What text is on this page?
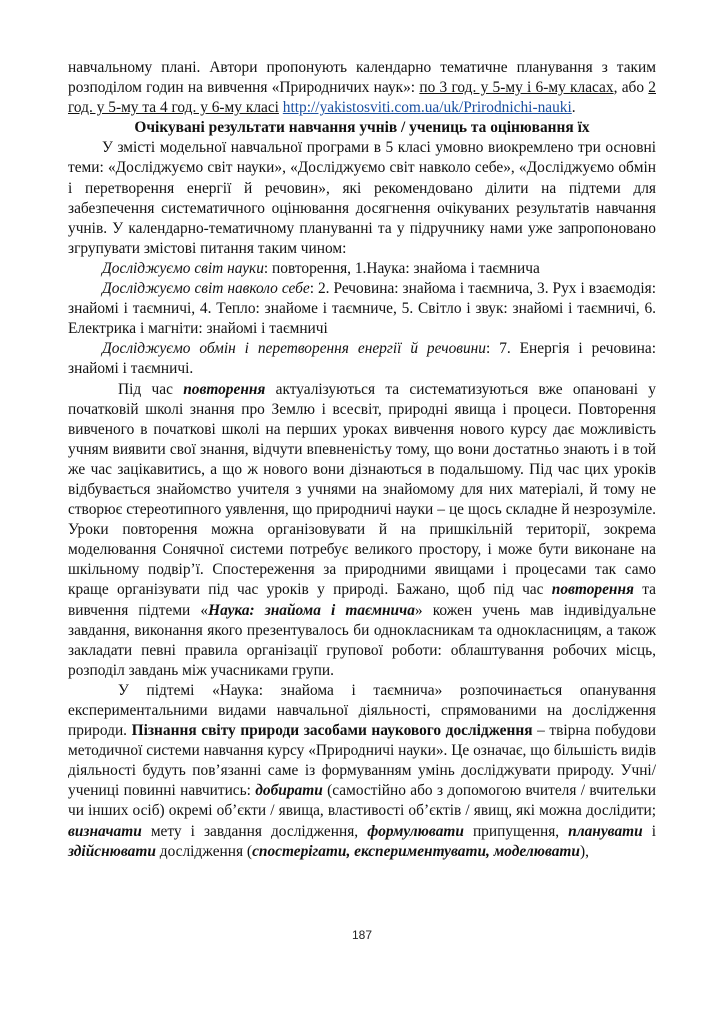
навчальному плані. Автори пропонують календарно тематичне планування з таким розподілом годин на вивчення «Природничих наук»: по 3 год. у 5-му і 6-му класах, або 2 год. у 5-му та 4 год. у 6-му класі http://yakistosviti.com.ua/uk/Prirodnichi-nauki.

Очікувані результати навчання учнів / учениць та оцінювання їх

У змісті модельної навчальної програми в 5 класі умовно виокремлено три основні теми: «Досліджуємо світ науки», «Досліджуємо світ навколо себе», «Досліджуємо обмін і перетворення енергії й речовин», які рекомендовано ділити на підтеми для забезпечення систематичного оцінювання досягнення очікуваних результатів навчання учнів. У календарно-тематичному плануванні та у підручнику нами уже запропоновано згрупувати змістові питання таким чином:

Досліджуємо світ науки: повторення, 1.Наука: знайома і таємнича

Досліджуємо світ навколо себе: 2. Речовина: знайома і таємнича, 3. Рух і взаємодія: знайомі і таємничі, 4. Тепло: знайоме і таємниче, 5. Світло і звук: знайомі і таємничі, 6. Електрика і магніти: знайомі і таємничі

Досліджуємо обмін і перетворення енергії й речовини: 7. Енергія і речовина: знайомі і таємничі.

Під час повторення актуалізуються та систематизуються вже опановані у початковій школі знання про Землю і всесвіт, природні явища і процеси. Повторення вивченого в початкові школі на перших уроках вивчення нового курсу дає можливість учням виявити свої знання, відчути впевненістьу тому, що вони достатньо знають і в той же час зацікавитись, а що ж нового вони дізнаються в подальшому. Під час цих уроків відбувається знайомство учителя з учнями на знайомому для них матеріалі, й тому не створює стереотипного уявлення, що природничі науки – це щось складне й незрозуміле. Уроки повторення можна організовувати й на пришкільній території, зокрема моделювання Сонячної системи потребує великого простору, і може бути виконане на шкільному подвір’ї. Спостереження за природними явищами і процесами так само краще організувати під час уроків у природі. Бажано, щоб під час повторення та вивчення підтеми «Наука: знайома і таємнича» кожен учень мав індивідуальне завдання, виконання якого презентувалось би однокласникам та однокласницям, а також закладати певні правила організації групової роботи: облаштування робочих місць, розподіл завдань між учасниками групи.

У підтемі «Наука: знайома і таємнича» розпочинається опанування експериментальними видами навчальної діяльності, спрямованими на дослідження природи. Пізнання світу природи засобами наукового дослідження – твірна побудови методичної системи навчання курсу «Природничі науки». Це означає, що більшість видів діяльності будуть пов’язанні саме із формуванням умінь досліджувати природу. Учні/учениці повинні навчитись: добирати (самостійно або з допомогою вчителя / вчительки чи інших осіб) окремі об’єкти / явища, властивості об’єктів / явищ, які можна дослідити; визначати мету і завдання дослідження, формулювати припущення, планувати і здійснювати дослідження (спостерігати, експериментувати, моделювати),

187
